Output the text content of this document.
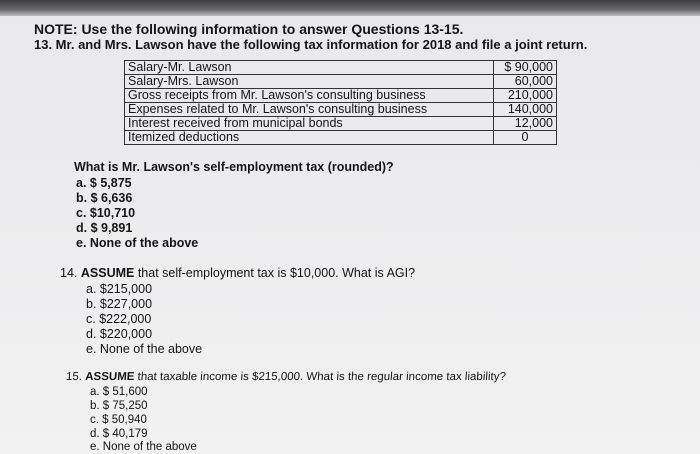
NOTE: Use the following information to answer Questions 13-15.
13. Mr. and Mrs. Lawson have the following tax information for 2018 and file a joint return.
Salary-Mr. Lawson	$ 90,000
Salary-Mrs. Lawson	60,000
Gross receipts from Mr. Lawson's consulting business	210,000
Expenses related to Mr. Lawson's consulting business	140,000
Interest received from municipal bonds	12,000
Itemized deductions	0
What is Mr. Lawson's self-employment tax (rounded)?
a. $ 5,875
b. $ 6,636
c. $10,710
d. $ 9,891
e. None of the above
14. ASSUME that self-employment tax is $10,000. What is AGI?
a. $215,000
b. $227,000
c. $222,000
d. $220,000
e. None of the above
15. ASSUME that taxable income is $215,000. What is the regular income tax liability?
a. $ 51,600
b. $ 75,250
c. $ 50,940
d. $ 40,179
e. None of the above
